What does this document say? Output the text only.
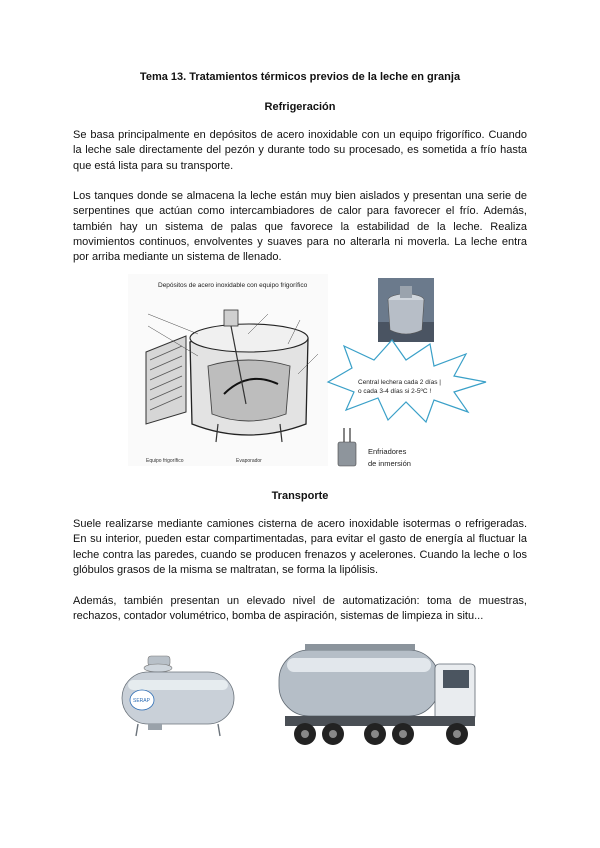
Tema 13. Tratamientos térmicos previos de la leche en granja
Refrigeración

Se basa principalmente en depósitos de acero inoxidable con un equipo frigorífico. Cuando la leche sale directamente del pezón y durante todo su procesado, es sometida a frío hasta que está lista para su transporte.

Los tanques donde se almacena la leche están muy bien aislados y presentan una serie de serpentines que actúan como intercambiadores de calor para favorecer el frío. Además, también hay un sistema de palas que favorece la estabilidad de la leche. Realiza movimientos continuos, envolventes y suaves para no alterarla ni moverla. La leche entra por arriba mediante un sistema de llenado.

Depósitos de acero inoxidable con equipo frigorífico
Equipo frigorífico	Evaporador
Central lechera cada 2 días |
o cada 3-4 días si 2-5ºC !
Enfriadores
de inmersión
Transporte

Suele realizarse mediante camiones cisterna de acero inoxidable isotermas o refrigeradas. En su interior, pueden estar compartimentadas, para evitar el gasto de energía al fluctuar la leche contra las paredes, cuando se producen frenazos y acelerones. Cuando la leche o los glóbulos grasos de la misma se maltratan, se forma la lipólisis.

Además, también presentan un elevado nivel de automatización: toma de muestras, rechazos, contador volumétrico, bomba de aspiración, sistemas de limpieza in situ...

SERAP
